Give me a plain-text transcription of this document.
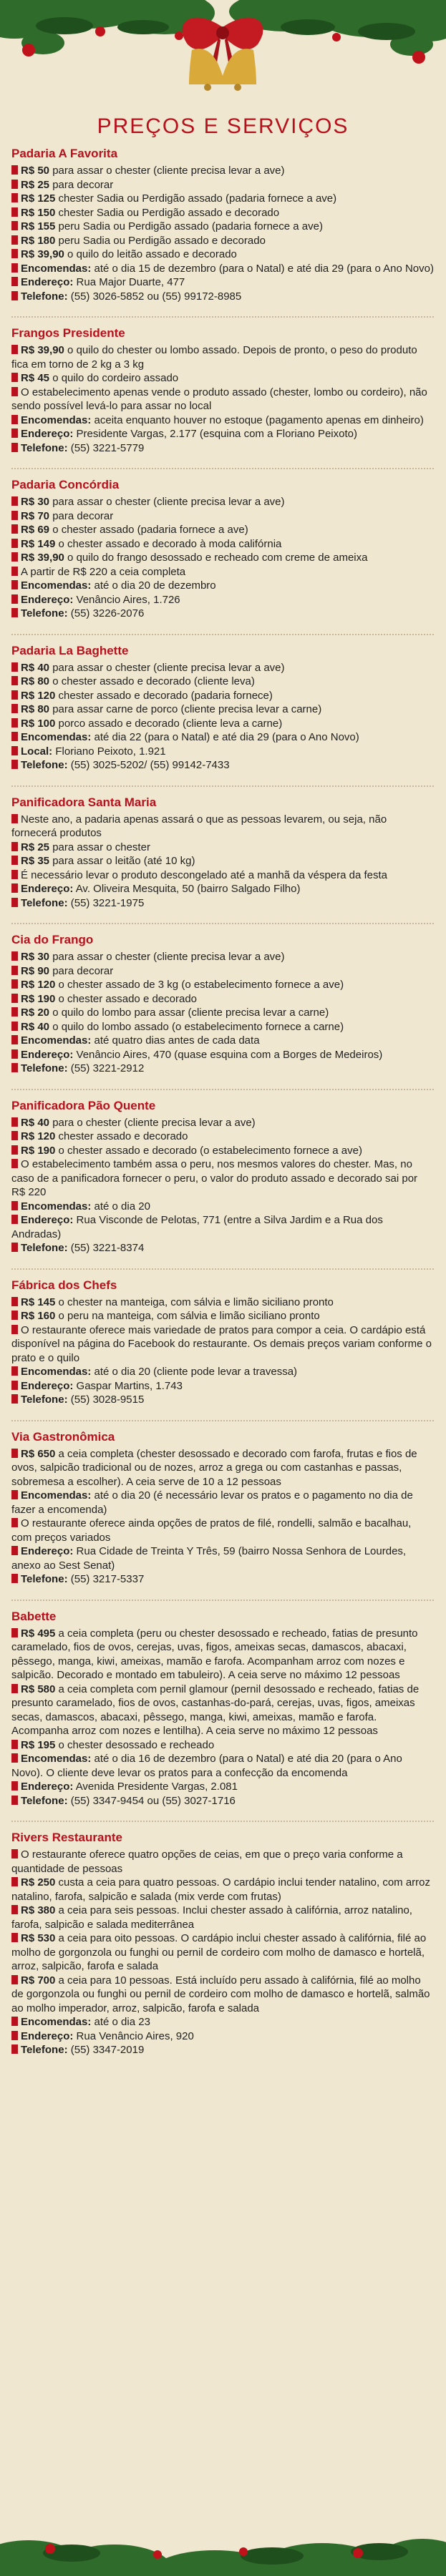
PREÇOS E SERVIÇOS
Padaria A Favorita
R$ 50 para assar o chester (cliente precisa levar a ave)
R$ 25 para decorar
R$ 125 chester Sadia ou Perdigão assado (padaria fornece a ave)
R$ 150 chester Sadia ou Perdigão assado e decorado
R$ 155 peru Sadia ou Perdigão assado (padaria fornece a ave)
R$ 180 peru Sadia ou Perdigão assado e decorado
R$ 39,90 o quilo do leitão assado e decorado
Encomendas: até o dia 15 de dezembro (para o Natal) e até dia 29 (para o Ano Novo)
Endereço: Rua Major Duarte, 477
Telefone: (55) 3026-5852 ou (55) 99172-8985
Frangos Presidente
R$ 39,90 o quilo do chester ou lombo assado. Depois de pronto, o peso do produto fica em torno de 2 kg a 3 kg
R$ 45 o quilo do cordeiro assado
O estabelecimento apenas vende o produto assado (chester, lombo ou cordeiro), não sendo possível levá-lo para assar no local
Encomendas: aceita enquanto houver no estoque (pagamento apenas em dinheiro)
Endereço: Presidente Vargas, 2.177 (esquina com a Floriano Peixoto)
Telefone: (55) 3221-5779
Padaria Concórdia
R$ 30 para assar o chester (cliente precisa levar a ave)
R$ 70 para decorar
R$ 69 o chester assado (padaria fornece a ave)
R$ 149 o chester assado e decorado à moda califórnia
R$ 39,90 o quilo do frango desossado e recheado com creme de ameixa
A partir de R$ 220 a ceia completa
Encomendas: até o dia 20 de dezembro
Endereço: Venâncio Aires, 1.726
Telefone: (55) 3226-2076
Padaria La Baghette
R$ 40 para assar o chester (cliente precisa levar a ave)
R$ 80 o chester assado e decorado (cliente leva)
R$ 120 chester assado e decorado (padaria fornece)
R$ 80 para assar carne de porco (cliente precisa levar a carne)
R$ 100 porco assado e decorado (cliente leva a carne)
Encomendas: até dia 22 (para o Natal) e até dia 29 (para o Ano Novo)
Local: Floriano Peixoto, 1.921
Telefone: (55) 3025-5202/ (55) 99142-7433
Panificadora Santa Maria
Neste ano, a padaria apenas assará o que as pessoas levarem, ou seja, não fornecerá produtos
R$ 25 para assar o chester
R$ 35 para assar o leitão (até 10 kg)
É necessário levar o produto descongelado até a manhã da véspera da festa
Endereço: Av. Oliveira Mesquita, 50 (bairro Salgado Filho)
Telefone: (55) 3221-1975
Cia do Frango
R$ 30 para assar o chester (cliente precisa levar a ave)
R$ 90 para decorar
R$ 120 o chester assado de 3 kg (o estabelecimento fornece a ave)
R$ 190 o chester assado e decorado
R$ 20 o quilo do lombo para assar (cliente precisa levar a carne)
R$ 40 o quilo do lombo assado (o estabelecimento fornece a carne)
Encomendas: até quatro dias antes de cada data
Endereço: Venâncio Aires, 470 (quase esquina com a Borges de Medeiros)
Telefone: (55) 3221-2912
Panificadora Pão Quente
R$ 40 para o chester (cliente precisa levar a ave)
R$ 120 chester assado e decorado
R$ 190 o chester assado e decorado (o estabelecimento fornece a ave)
O estabelecimento também assa o peru, nos mesmos valores do chester. Mas, no caso de a panificadora fornecer o peru, o valor do produto assado e decorado sai por R$ 220
Encomendas: até o dia 20
Endereço: Rua Visconde de Pelotas, 771 (entre a Silva Jardim e a Rua dos Andradas)
Telefone: (55) 3221-8374
Fábrica dos Chefs
R$ 145 o chester na manteiga, com sálvia e limão siciliano pronto
R$ 160 o peru na manteiga, com sálvia e limão siciliano pronto
O restaurante oferece mais variedade de pratos para compor a ceia. O cardápio está disponível na página do Facebook do restaurante. Os demais preços variam conforme o prato e o quilo
Encomendas: até o dia 20 (cliente pode levar a travessa)
Endereço: Gaspar Martins, 1.743
Telefone: (55) 3028-9515
Via Gastronômica
R$ 650 a ceia completa (chester desossado e decorado com farofa, frutas e fios de ovos, salpicão tradicional ou de nozes, arroz a grega ou com castanhas e passas, sobremesa a escolher). A ceia serve de 10 a 12 pessoas
Encomendas: até o dia 20 (é necessário levar os pratos e o pagamento no dia de fazer a encomenda)
O restaurante oferece ainda opções de pratos de filé, rondelli, salmão e bacalhau, com preços variados
Endereço: Rua Cidade de Treinta Y Três, 59 (bairro Nossa Senhora de Lourdes, anexo ao Sest Senat)
Telefone: (55) 3217-5337
Babette
R$ 495 a ceia completa (peru ou chester desossado e recheado, fatias de presunto caramelado, fios de ovos, cerejas, uvas, figos, ameixas secas, damascos, abacaxi, pêssego, manga, kiwi, ameixas, mamão e farofa. Acompanham arroz com nozes e salpicão. Decorado e montado em tabuleiro). A ceia serve no máximo 12 pessoas
R$ 580 a ceia completa com pernil glamour (pernil desossado e recheado, fatias de presunto caramelado, fios de ovos, castanhas-do-pará, cerejas, uvas, figos, ameixas secas, damascos, abacaxi, pêssego, manga, kiwi, ameixas, mamão e farofa. Acompanha arroz com nozes e lentilha). A ceia serve no máximo 12 pessoas
R$ 195 o chester desossado e recheado
Encomendas: até o dia 16 de dezembro (para o Natal) e até dia 20 (para o Ano Novo). O cliente deve levar os pratos para a confecção da encomenda
Endereço: Avenida Presidente Vargas, 2.081
Telefone: (55) 3347-9454 ou (55) 3027-1716
Rivers Restaurante
O restaurante oferece quatro opções de ceias, em que o preço varia conforme a quantidade de pessoas
R$ 250 custa a ceia para quatro pessoas. O cardápio inclui tender natalino, com arroz natalino, farofa, salpicão e salada (mix verde com frutas)
R$ 380 a ceia para seis pessoas. Inclui chester assado à califórnia, arroz natalino, farofa, salpicão e salada mediterrânea
R$ 530 a ceia para oito pessoas. O cardápio inclui chester assado à califórnia, filé ao molho de gorgonzola ou funghi ou pernil de cordeiro com molho de damasco e hortelã, arroz, salpicão, farofa e salada
R$ 700 a ceia para 10 pessoas. Está incluído peru assado à califórnia, filé ao molho de gorgonzola ou funghi ou pernil de cordeiro com molho de damasco e hortelã, salmão ao molho imperador, arroz, salpicão, farofa e salada
Encomendas: até o dia 23
Endereço: Rua Venâncio Aires, 920
Telefone: (55) 3347-2019
